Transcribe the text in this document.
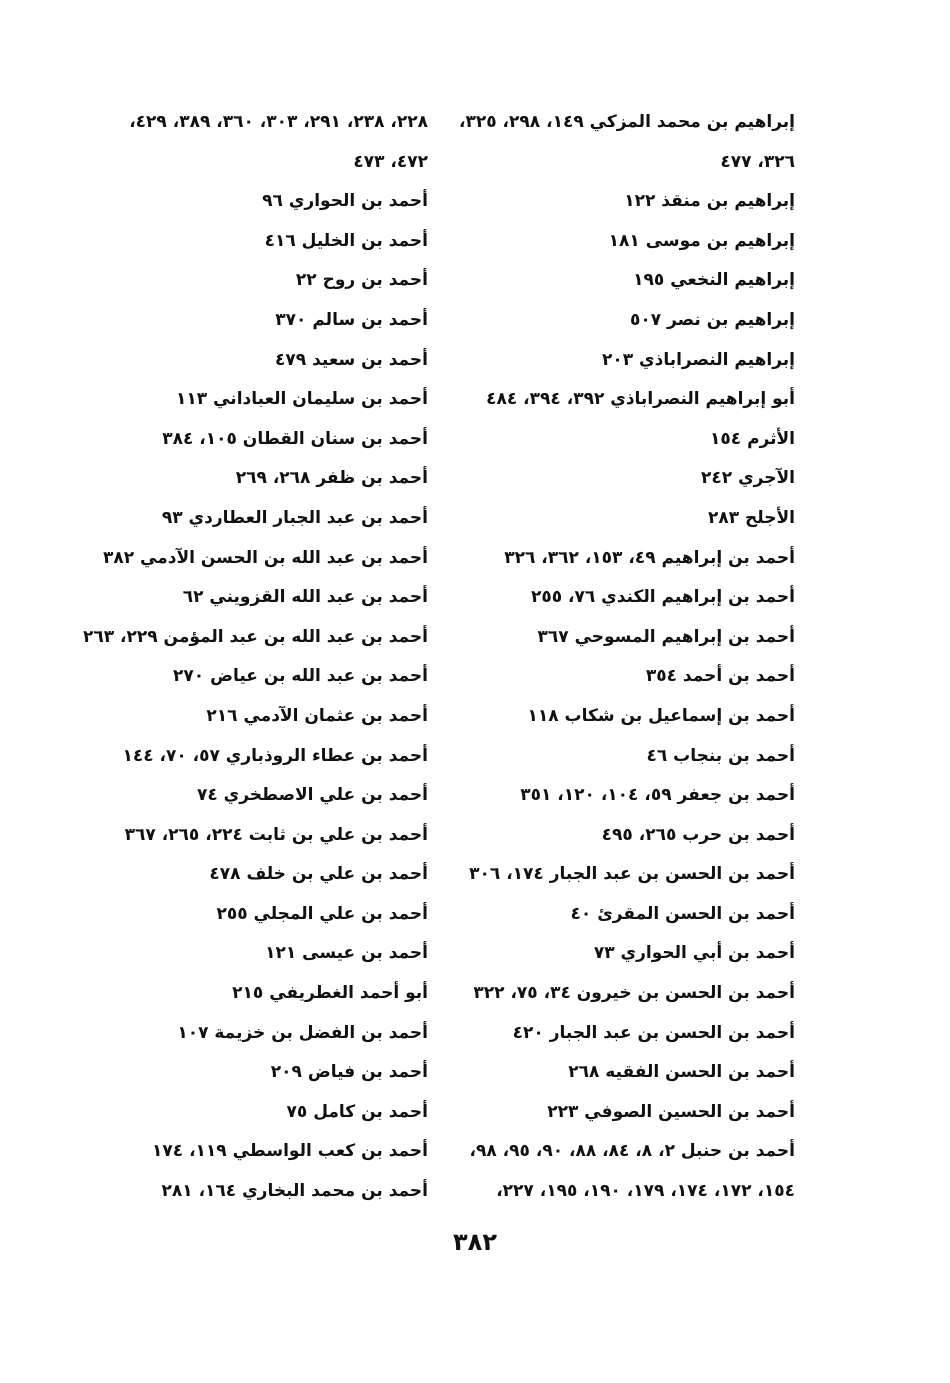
إبراهيم بن محمد المزكي ١٤٩، ٢٩٨، ٣٢٥،
٣٢٦، ٤٧٧
إبراهيم بن منقذ ١٢٢
إبراهيم بن موسى ١٨١
إبراهيم النخعي ١٩٥
إبراهيم بن نصر ٥٠٧
إبراهيم النصراباذي ٢٠٣
أبو إبراهيم النصراباذي ٣٩٢، ٣٩٤، ٤٨٤
الأثرم ١٥٤
الآجري ٢٤٢
الأجلح ٢٨٣
أحمد بن إبراهيم ٤٩، ١٥٣، ٣٦٢، ٣٢٦
أحمد بن إبراهيم الكندي ٧٦، ٢٥٥
أحمد بن إبراهيم المسوحي ٣٦٧
أحمد بن أحمد ٣٥٤
أحمد بن إسماعيل بن شكاب ١١٨
أحمد بن بنجاب ٤٦
أحمد بن جعفر ٥٩، ١٠٤، ١٢٠، ٣٥١
أحمد بن حرب ٢٦٥، ٤٩٥
أحمد بن الحسن بن عبد الجبار ١٧٤، ٣٠٦
أحمد بن الحسن المقرئ ٤٠
أحمد بن أبي الحواري ٧٣
أحمد بن الحسن بن خيرون ٣٤، ٧٥، ٣٢٢
أحمد بن الحسن بن عبد الجبار ٤٢٠
أحمد بن الحسن الفقيه ٢٦٨
أحمد بن الحسين الصوفي ٢٢٣
أحمد بن حنبل ٢، ٨، ٨٤، ٨٨، ٩٠، ٩٥، ٩٨،
١٥٤، ١٧٢، ١٧٤، ١٧٩، ١٩٠، ١٩٥، ٢٢٧،
٢٢٨، ٢٣٨، ٢٩١، ٣٠٣، ٣٦٠، ٣٨٩، ٤٢٩،
٤٧٢، ٤٧٣
أحمد بن الحواري ٩٦
أحمد بن الخليل ٤١٦
أحمد بن روح ٢٢
أحمد بن سالم ٣٧٠
أحمد بن سعيد ٤٧٩
أحمد بن سليمان العباداني ١١٣
أحمد بن سنان القطان ١٠٥، ٣٨٤
أحمد بن ظفر ٢٦٨، ٢٦٩
أحمد بن عبد الجبار العطاردي ٩٣
أحمد بن عبد الله بن الحسن الآدمي ٣٨٢
أحمد بن عبد الله القزويني ٦٢
أحمد بن عبد الله بن عبد المؤمن ٢٢٩، ٢٦٣
أحمد بن عبد الله بن عياض ٢٧٠
أحمد بن عثمان الآدمي ٢١٦
أحمد بن عطاء الروذباري ٥٧، ٧٠، ١٤٤
أحمد بن علي الاصطخري ٧٤
أحمد بن علي بن ثابت ٢٢٤، ٢٦٥، ٣٦٧
أحمد بن علي بن خلف ٤٧٨
أحمد بن علي المجلي ٢٥٥
أحمد بن عيسى ١٢١
أبو أحمد الغطريفي ٢١٥
أحمد بن الفضل بن خزيمة ١٠٧
أحمد بن فياض ٢٠٩
أحمد بن كامل ٧٥
أحمد بن كعب الواسطي ١١٩، ١٧٤
أحمد بن محمد البخاري ١٦٤، ٢٨١
٣٨٢
